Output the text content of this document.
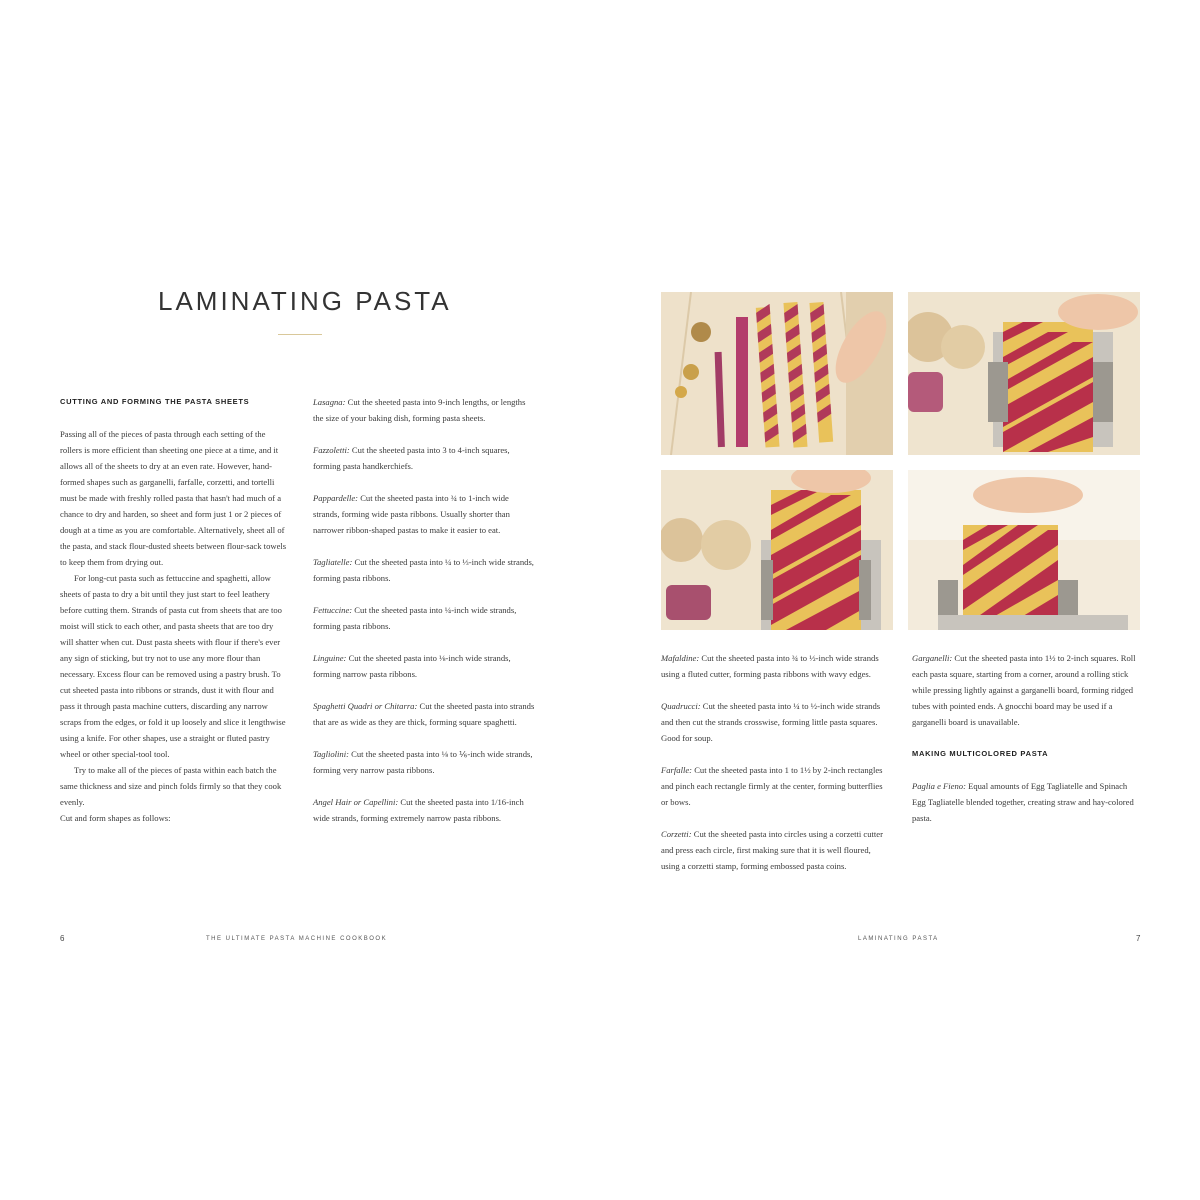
LAMINATING PASTA

CUTTING AND FORMING THE PASTA SHEETS

Passing all of the pieces of pasta through each setting of the rollers is more efficient than sheeting one piece at a time, and it allows all of the sheets to dry at an even rate. However, hand-formed shapes such as garganelli, farfalle, corzetti, and tortelli must be made with freshly rolled pasta that hasn't had much of a chance to dry and harden, so sheet and form just 1 or 2 pieces of dough at a time as you are comfortable. Alternatively, sheet all of the pasta, and stack flour-dusted sheets between flour-sack towels to keep them from drying out.

For long-cut pasta such as fettuccine and spaghetti, allow sheets of pasta to dry a bit until they just start to feel leathery before cutting them. Strands of pasta cut from sheets that are too moist will stick to each other, and pasta sheets that are too dry will shatter when cut. Dust pasta sheets with flour if there's ever any sign of sticking, but try not to use any more flour than necessary. Excess flour can be removed using a pastry brush. To cut sheeted pasta into ribbons or strands, dust it with flour and pass it through pasta machine cutters, discarding any narrow scraps from the edges, or fold it up loosely and slice it lengthwise using a knife. For other shapes, use a straight or fluted pastry wheel or other special-tool tool.

Try to make all of the pieces of pasta within each batch the same thickness and size and pinch folds firmly so that they cook evenly.

Cut and form shapes as follows:

Lasagna: Cut the sheeted pasta into 9-inch lengths, or lengths the size of your baking dish, forming pasta sheets.

Fazzoletti: Cut the sheeted pasta into 3 to 4-inch squares, forming pasta handkerchiefs.

Pappardelle: Cut the sheeted pasta into ¾ to 1-inch wide strands, forming wide pasta ribbons. Usually shorter than narrower ribbon-shaped pastas to make it easier to eat.

Tagliatelle: Cut the sheeted pasta into ¼ to ⅓-inch wide strands, forming pasta ribbons.

Fettuccine: Cut the sheeted pasta into ¼-inch wide strands, forming pasta ribbons.

Linguine: Cut the sheeted pasta into ⅛-inch wide strands, forming narrow pasta ribbons.

Spaghetti Quadri or Chitarra: Cut the sheeted pasta into strands that are as wide as they are thick, forming square spaghetti.

Tagliolini: Cut the sheeted pasta into ⅛ to ⅙-inch wide strands, forming very narrow pasta ribbons.

Angel Hair or Capellini: Cut the sheeted pasta into 1/16-inch wide strands, forming extremely narrow pasta ribbons.

6	THE ULTIMATE PASTA MACHINE COOKBOOK

Mafaldine: Cut the sheeted pasta into ¾ to ½-inch wide strands using a fluted cutter, forming pasta ribbons with wavy edges.

Quadrucci: Cut the sheeted pasta into ¼ to ½-inch wide strands and then cut the strands crosswise, forming little pasta squares. Good for soup.

Farfalle: Cut the sheeted pasta into 1 to 1½ by 2-inch rectangles and pinch each rectangle firmly at the center, forming butterflies or bows.

Corzetti: Cut the sheeted pasta into circles using a corzetti cutter and press each circle, first making sure that it is well floured, using a corzetti stamp, forming embossed pasta coins.

Garganelli: Cut the sheeted pasta into 1½ to 2-inch squares. Roll each pasta square, starting from a corner, around a rolling stick while pressing lightly against a garganelli board, forming ridged tubes with pointed ends. A gnocchi board may be used if a garganelli board is unavailable.

MAKING MULTICOLORED PASTA

Paglia e Fieno: Equal amounts of Egg Tagliatelle and Spinach Egg Tagliatelle blended together, creating straw and hay-colored pasta.

LAMINATING PASTA	7
